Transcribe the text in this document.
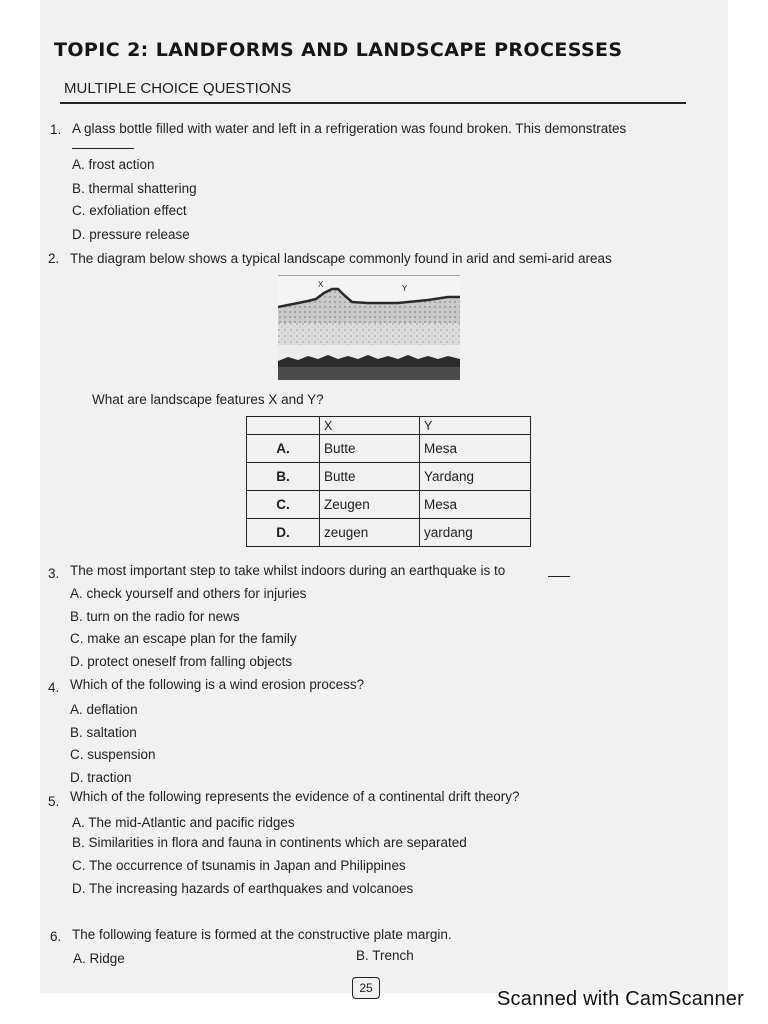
TOPIC 2: LANDFORMS AND LANDSCAPE PROCESSES
MULTIPLE CHOICE QUESTIONS
1. A glass bottle filled with water and left in a refrigeration was found broken. This demonstrates
A. frost action
B. thermal shattering
C. exfoliation effect
D. pressure release
2. The diagram below shows a typical landscape commonly found in arid and semi-arid areas
X	Y
What are landscape features X and Y?
	X	Y
A.	Butte	Mesa
B.	Butte	Yardang
C.	Zeugen	Mesa
D.	zeugen	yardang
3. The most important step to take whilst indoors during an earthquake is to
A. check yourself and others for injuries
B. turn on the radio for news
C. make an escape plan for the family
D. protect oneself from falling objects
4. Which of the following is a wind erosion process?
A. deflation
B. saltation
C. suspension
D. traction
5. Which of the following represents the evidence of a continental drift theory?
A. The mid-Atlantic and pacific ridges
B. Similarities in flora and fauna in continents which are separated
C. The occurrence of tsunamis in Japan and Philippines
D. The increasing hazards of earthquakes and volcanoes
6. The following feature is formed at the constructive plate margin.
A. Ridge	B. Trench
25	Scanned with CamScanner
